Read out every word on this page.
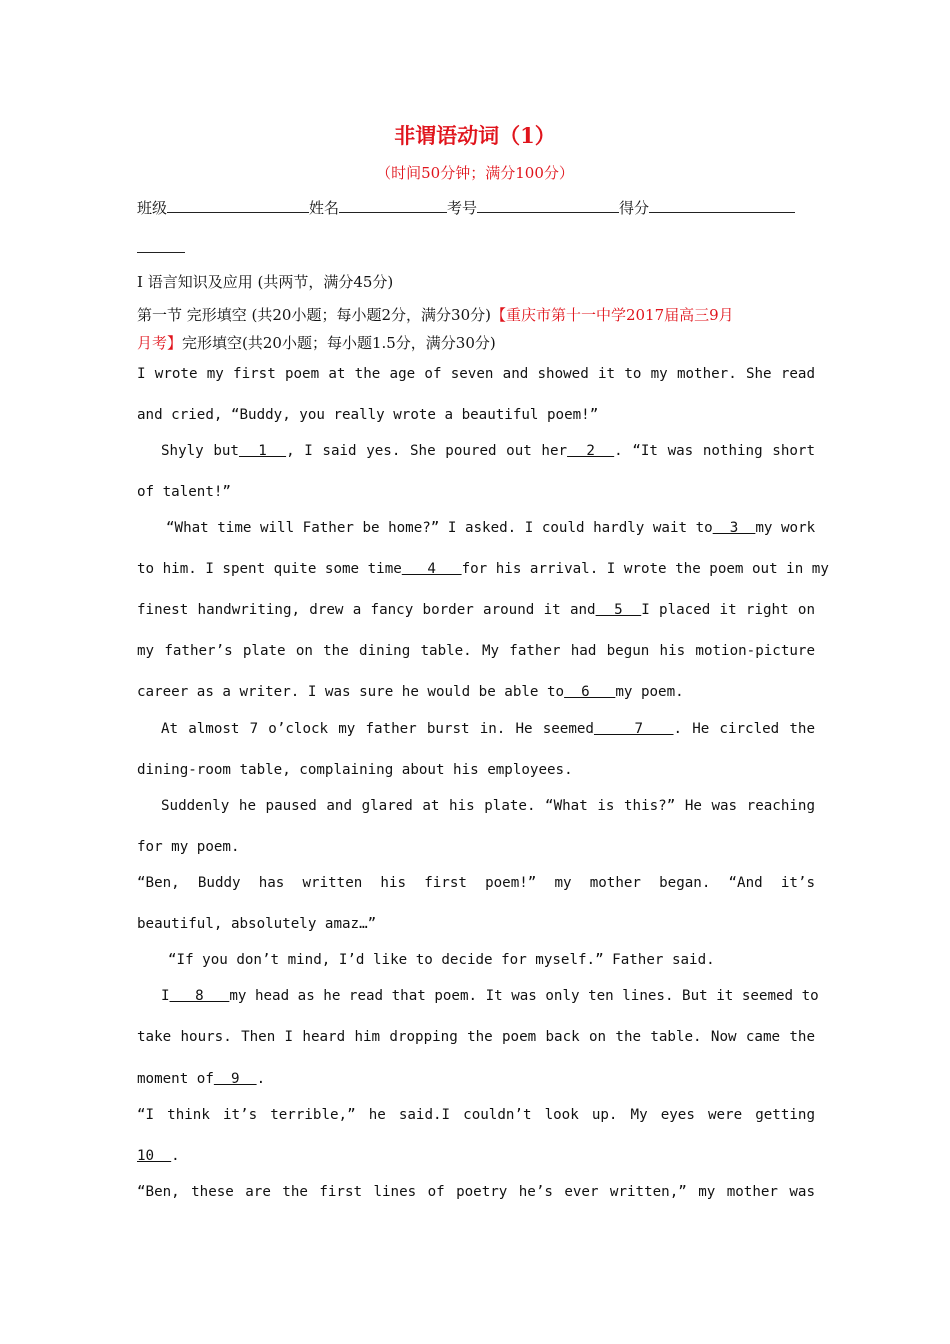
非谓语动词（1）
（时间50分钟；满分100分）
班级	姓名	考号	得分
I 语言知识及应用 (共两节，满分45分)
第一节 完形填空 (共20小题；每小题2分，满分30分)【重庆市第十一中学2017届高三9月
月考】完形填空(共20小题；每小题1.5分，满分30分)
I wrote my first poem at the age of seven and showed it to my mother. She read
and cried, “Buddy, you really wrote a beautiful poem!”
Shyly but  1  , I said yes. She poured out her  2  . “It was nothing short
of talent!”
“What time will Father be home?” I asked. I could hardly wait to  3  my work
to him. I spent quite some time   4   for his arrival. I wrote the poem out in my
finest handwriting, drew a fancy border around it and  5  I placed it right on
my father’s plate on the dining table. My father had begun his motion-picture
career as a writer. I was sure he would be able to  6   my poem.
At almost 7 o’clock my father burst in. He seemed    7   . He circled the
dining-room table, complaining about his employees.
Suddenly he paused and glared at his plate. “What is this?” He was reaching
for my poem.
“Ben, Buddy has written his first poem!” my mother began. “And it’s
beautiful, absolutely amaz…”
“If you don’t mind, I’d like to decide for myself.” Father said.
I   8   my head as he read that poem. It was only ten lines. But it seemed to
take hours. Then I heard him dropping the poem back on the table. Now came the
moment of  9  .
“I think it’s terrible,” he said.I couldn’t look up. My eyes were getting
10  .
“Ben, these are the first lines of poetry he’s ever written,” my mother was
